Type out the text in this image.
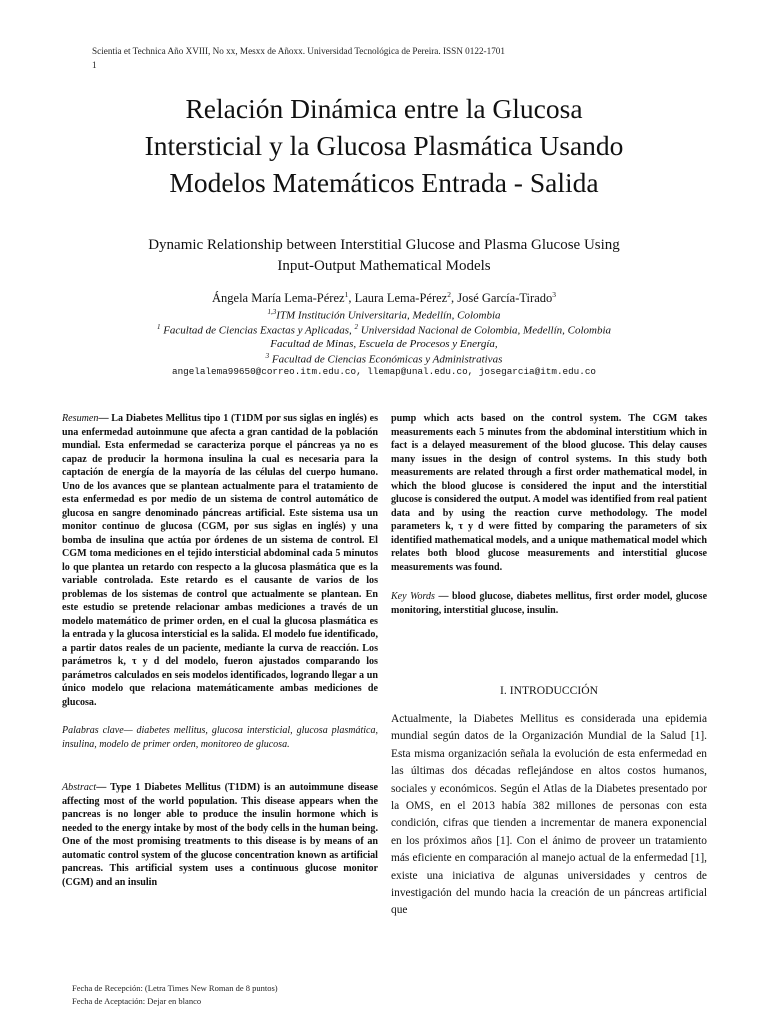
Scientia et Technica Año XVIII, No xx, Mesxx de Añoxx. Universidad Tecnológica de Pereira. ISSN 0122-1701
1
Relación Dinámica entre la Glucosa
Intersticial y la Glucosa Plasmática Usando
Modelos Matemáticos Entrada - Salida
Dynamic Relationship between Interstitial Glucose and Plasma Glucose Using
Input-Output Mathematical Models
Ángela María Lema-Pérez$^1$, Laura Lema-Pérez$^2$, José García-Tirado$^3$
$^{1,3}$ITM Institución Universitaria, Medellín, Colombia
$^1$ Facultad de Ciencias Exactas y Aplicadas, $^2$ Universidad Nacional de Colombia, Medellín, Colombia
Facultad de Minas, Escuela de Procesos y Energía,
$^3$ Facultad de Ciencias Económicas y Administrativas
angelalema99650@correo.itm.edu.co, llemap@unal.edu.co, josegarcia@itm.edu.co

Resumen— La Diabetes Mellitus tipo 1 (T1DM por sus siglas en inglés) es una enfermedad autoinmune que afecta a gran cantidad de la población mundial. Esta enfermedad se caracteriza porque el páncreas ya no es capaz de producir la hormona insulina la cual es necesaria para la captación de energía de la mayoría de las células del cuerpo humano. Uno de los avances que se plantean actualmente para el tratamiento de esta enfermedad es por medio de un sistema de control automático de glucosa en sangre denominado páncreas artificial. Este sistema usa un monitor continuo de glucosa (CGM, por sus siglas en inglés) y una bomba de insulina que actúa por órdenes de un sistema de control. El CGM toma mediciones en el tejido intersticial abdominal cada 5 minutos lo que plantea un retardo con respecto a la glucosa plasmática que es la variable controlada. Este retardo es el causante de varios de los problemas de los sistemas de control que actualmente se plantean. En este estudio se pretende relacionar ambas mediciones a través de un modelo matemático de primer orden, en el cual la glucosa plasmática es la entrada y la glucosa intersticial es la salida. El modelo fue identificado, a partir datos reales de un paciente, mediante la curva de reacción. Los parámetros k, τ y d del modelo, fueron ajustados comparando los parámetros calculados en seis modelos identificados, logrando llegar a un único modelo que relaciona matemáticamente ambas mediciones de glucosa.

Palabras clave— diabetes mellitus, glucosa intersticial, glucosa plasmática, insulina, modelo de primer orden, monitoreo de glucosa.

Abstract— Type 1 Diabetes Mellitus (T1DM) is an autoimmune disease affecting most of the world population. This disease appears when the pancreas is no longer able to produce the insulin hormone which is needed to the energy intake by most of the body cells in the human being. One of the most promising treatments to this disease is by means of an automatic control system of the glucose concentration known as artificial pancreas. This artificial system uses a continuous glucose monitor (CGM) and an insulin

pump which acts based on the control system. The CGM takes measurements each 5 minutes from the abdominal interstitium which in fact is a delayed measurement of the blood glucose. This delay causes many issues in the design of control systems. In this study both measurements are related through a first order mathematical model, in which the blood glucose is considered the input and the interstitial glucose is considered the output. A model was identified from real patient data and by using the reaction curve methodology. The model parameters k, τ y d were fitted by comparing the parameters of six identified mathematical models, and a unique mathematical model which relates both blood glucose measurements and interstitial glucose measurements was found.

Key Words — blood glucose, diabetes mellitus, first order model, glucose monitoring, interstitial glucose, insulin.

I. INTRODUCCIÓN

Actualmente, la Diabetes Mellitus es considerada una epidemia mundial según datos de la Organización Mundial de la Salud [1]. Esta misma organización señala la evolución de esta enfermedad en las últimas dos décadas reflejándose en altos costos humanos, sociales y económicos. Según el Atlas de la Diabetes presentado por la OMS, en el 2013 había 382 millones de personas con esta condición, cifras que tienden a incrementar de manera exponencial en los próximos años [1]. Con el ánimo de proveer un tratamiento más eficiente en comparación al manejo actual de la enfermedad [1], existe una iniciativa de algunas universidades y centros de investigación del mundo hacia la creación de un páncreas artificial que

Fecha de Recepción: (Letra Times New Roman de 8 puntos)
Fecha de Aceptación: Dejar en blanco
